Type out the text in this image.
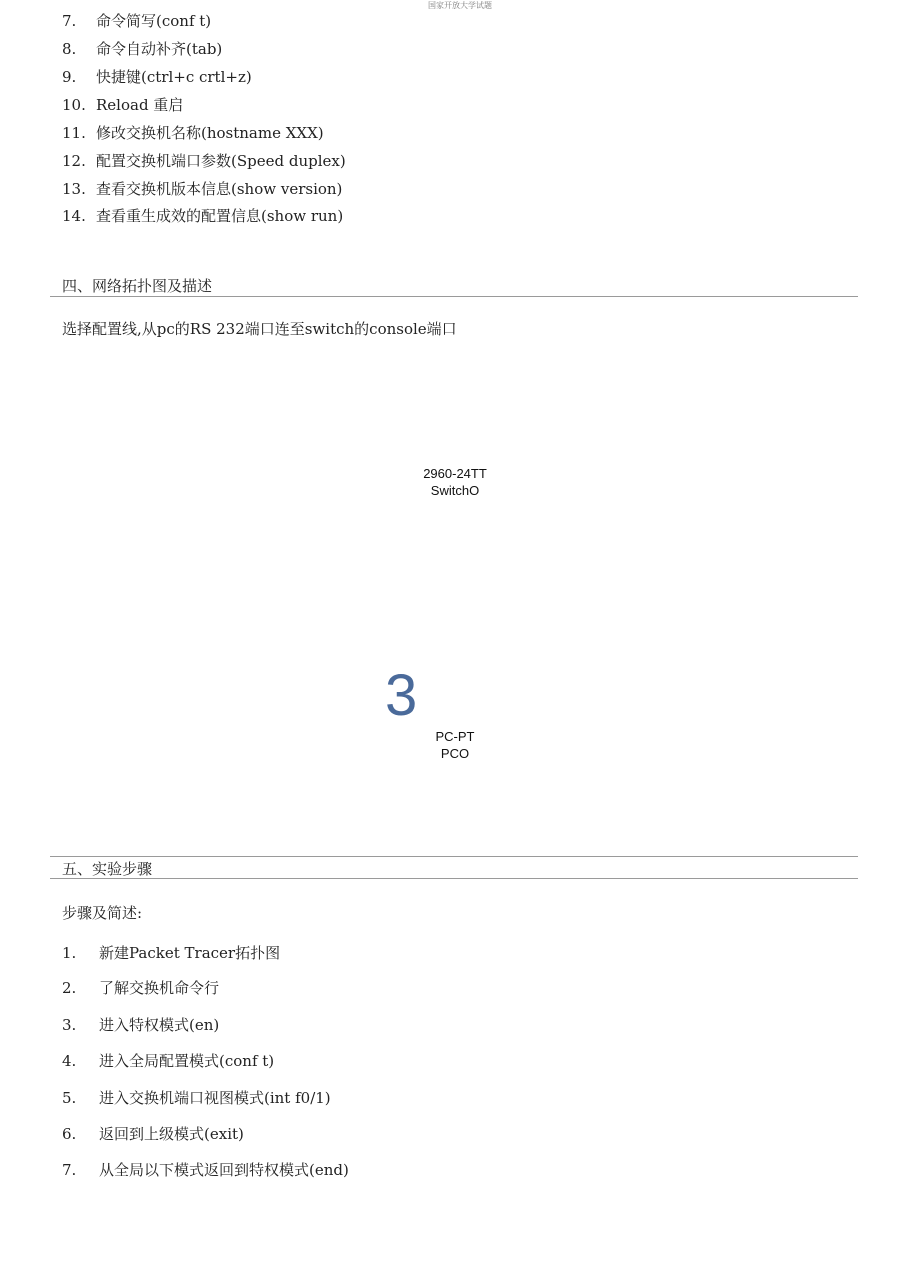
国家开放大学试题
7. 命令简写(conf t)
8. 命令自动补齐(tab)
9. 快捷键(ctrl+c crtl+z)
10. Reload 重启
11. 修改交换机名称(hostname XXX)
12. 配置交换机端口参数(Speed duplex)
13. 查看交换机版本信息(show version)
14. 查看重生成效的配置信息(show run)
四、网络拓扑图及描述
选择配置线,从pc的RS 232端口连至switch的console端口
2960-24TT
SwitchO
3
PC-PT
PCO
五、实验步骤
步骤及简述:
1. 新建Packet Tracer拓扑图
2. 了解交换机命令行
3. 进入特权模式(en)
4. 进入全局配置模式(conf t)
5. 进入交换机端口视图模式(int f0/1)
6. 返回到上级模式(exit)
7. 从全局以下模式返回到特权模式(end)
